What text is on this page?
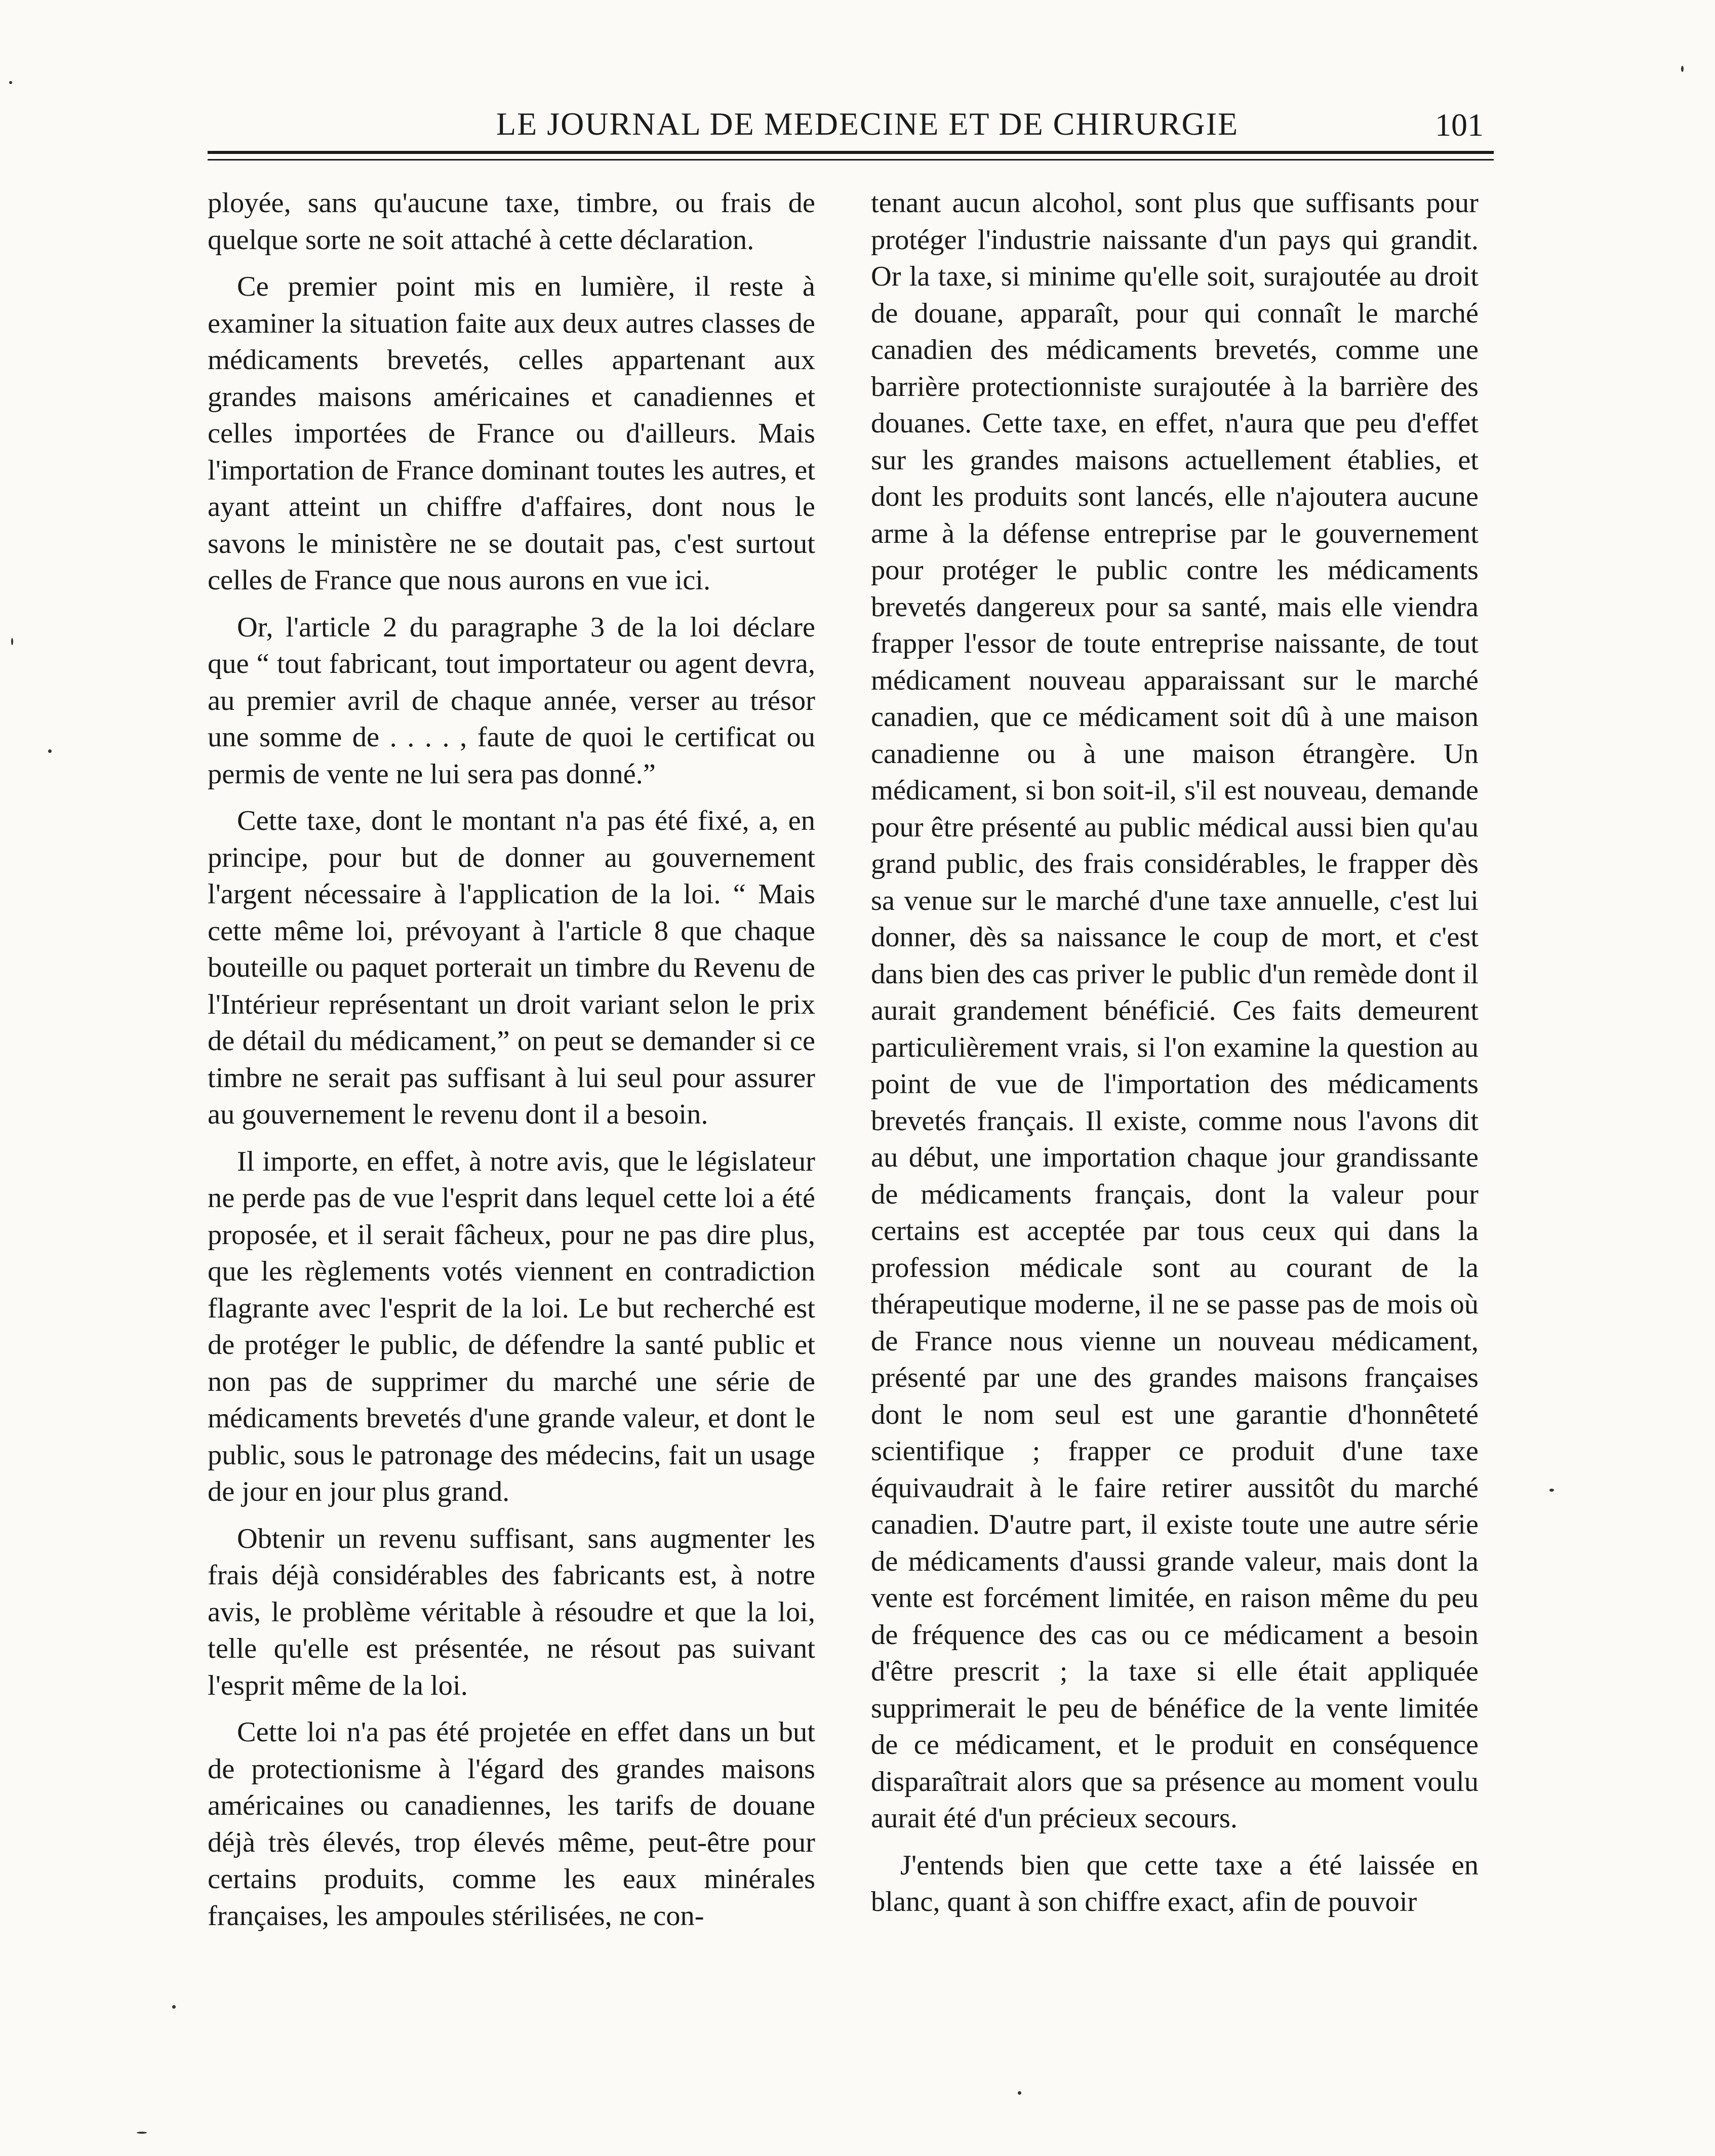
LE JOURNAL DE MEDECINE ET DE CHIRURGIE	101

ployée, sans qu'aucune taxe, timbre, ou frais de quelque sorte ne soit attaché à cette déclaration.

Ce premier point mis en lumière, il reste à examiner la situation faite aux deux autres classes de médicaments brevetés, celles appartenant aux grandes maisons américaines et canadiennes et celles importées de France ou d'ailleurs. Mais l'importation de France dominant toutes les autres, et ayant atteint un chiffre d'affaires, dont nous le savons le ministère ne se doutait pas, c'est surtout celles de France que nous aurons en vue ici.

Or, l'article 2 du paragraphe 3 de la loi déclare que “ tout fabricant, tout importateur ou agent devra, au premier avril de chaque année, verser au trésor une somme de . . . . , faute de quoi le certificat ou permis de vente ne lui sera pas donné.”

Cette taxe, dont le montant n'a pas été fixé, a, en principe, pour but de donner au gouvernement l'argent nécessaire à l'application de la loi. “ Mais cette même loi, prévoyant à l'article 8 que chaque bouteille ou paquet porterait un timbre du Revenu de l'Intérieur représentant un droit variant selon le prix de détail du médicament,” on peut se demander si ce timbre ne serait pas suffisant à lui seul pour assurer au gouvernement le revenu dont il a besoin.

Il importe, en effet, à notre avis, que le législateur ne perde pas de vue l'esprit dans lequel cette loi a été proposée, et il serait fâcheux, pour ne pas dire plus, que les règlements votés viennent en contradiction flagrante avec l'esprit de la loi. Le but recherché est de protéger le public, de défendre la santé public et non pas de supprimer du marché une série de médicaments brevetés d'une grande valeur, et dont le public, sous le patronage des médecins, fait un usage de jour en jour plus grand.

Obtenir un revenu suffisant, sans augmenter les frais déjà considérables des fabricants est, à notre avis, le problème véritable à résoudre et que la loi, telle qu'elle est présentée, ne résout pas suivant l'esprit même de la loi.

Cette loi n'a pas été projetée en effet dans un but de protectionisme à l'égard des grandes maisons américaines ou canadiennes, les tarifs de douane déjà très élevés, trop élevés même, peut-être pour certains produits, comme les eaux minérales françaises, les ampoules stérilisées, ne con-

tenant aucun alcohol, sont plus que suffisants pour protéger l'industrie naissante d'un pays qui grandit. Or la taxe, si minime qu'elle soit, surajoutée au droit de douane, apparaît, pour qui connaît le marché canadien des médicaments brevetés, comme une barrière protectionniste surajoutée à la barrière des douanes. Cette taxe, en effet, n'aura que peu d'effet sur les grandes maisons actuellement établies, et dont les produits sont lancés, elle n'ajoutera aucune arme à la défense entreprise par le gouvernement pour protéger le public contre les médicaments brevetés dangereux pour sa santé, mais elle viendra frapper l'essor de toute entreprise naissante, de tout médicament nouveau apparaissant sur le marché canadien, que ce médicament soit dû à une maison canadienne ou à une maison étrangère. Un médicament, si bon soit-il, s'il est nouveau, demande pour être présenté au public médical aussi bien qu'au grand public, des frais considérables, le frapper dès sa venue sur le marché d'une taxe annuelle, c'est lui donner, dès sa naissance le coup de mort, et c'est dans bien des cas priver le public d'un remède dont il aurait grandement bénéficié. Ces faits demeurent particulièrement vrais, si l'on examine la question au point de vue de l'importation des médicaments brevetés français. Il existe, comme nous l'avons dit au début, une importation chaque jour grandissante de médicaments français, dont la valeur pour certains est acceptée par tous ceux qui dans la profession médicale sont au courant de la thérapeutique moderne, il ne se passe pas de mois où de France nous vienne un nouveau médicament, présenté par une des grandes maisons françaises dont le nom seul est une garantie d'honnêteté scientifique ; frapper ce produit d'une taxe équivaudrait à le faire retirer aussitôt du marché canadien. D'autre part, il existe toute une autre série de médicaments d'aussi grande valeur, mais dont la vente est forcément limitée, en raison même du peu de fréquence des cas ou ce médicament a besoin d'être prescrit ; la taxe si elle était appliquée supprimerait le peu de bénéfice de la vente limitée de ce médicament, et le produit en conséquence disparaîtrait alors que sa présence au moment voulu aurait été d'un précieux secours.

J'entends bien que cette taxe a été laissée en blanc, quant à son chiffre exact, afin de pouvoir
